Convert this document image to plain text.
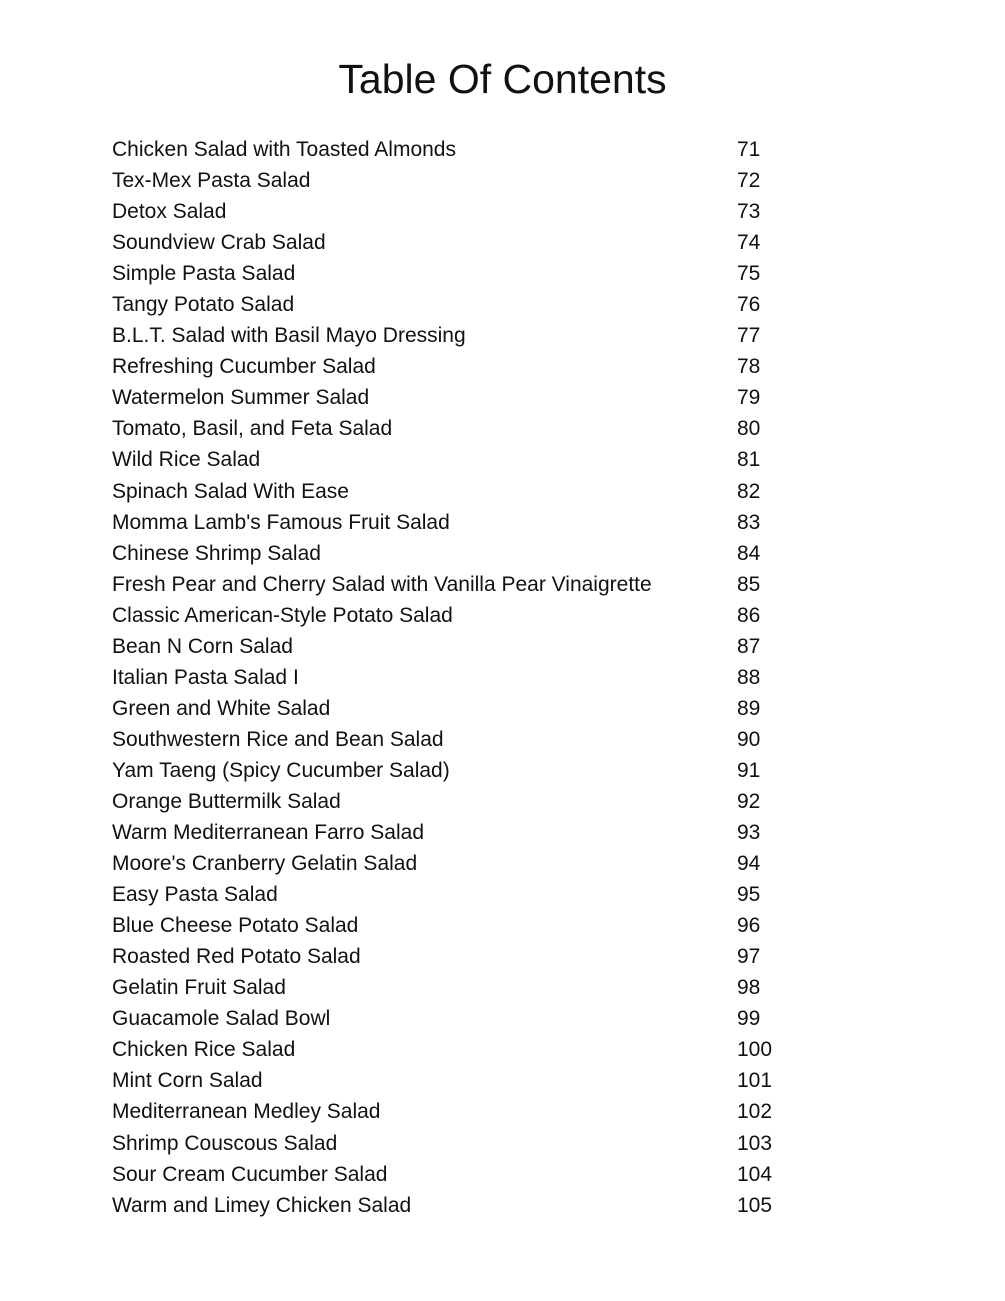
Table Of Contents
Chicken Salad with Toasted Almonds	71
Tex-Mex Pasta Salad	72
Detox Salad	73
Soundview Crab Salad	74
Simple Pasta Salad	75
Tangy Potato Salad	76
B.L.T. Salad with Basil Mayo Dressing	77
Refreshing Cucumber Salad	78
Watermelon Summer Salad	79
Tomato, Basil, and Feta Salad	80
Wild Rice Salad	81
Spinach Salad With Ease	82
Momma Lamb's Famous Fruit Salad	83
Chinese Shrimp Salad	84
Fresh Pear and Cherry Salad with Vanilla Pear Vinaigrette	85
Classic American-Style Potato Salad	86
Bean N Corn Salad	87
Italian Pasta Salad I	88
Green and White Salad	89
Southwestern Rice and Bean Salad	90
Yam Taeng (Spicy Cucumber Salad)	91
Orange Buttermilk Salad	92
Warm Mediterranean Farro Salad	93
Moore's Cranberry Gelatin Salad	94
Easy Pasta Salad	95
Blue Cheese Potato Salad	96
Roasted Red Potato Salad	97
Gelatin Fruit Salad	98
Guacamole Salad Bowl	99
Chicken Rice Salad	100
Mint Corn Salad	101
Mediterranean Medley Salad	102
Shrimp Couscous Salad	103
Sour Cream Cucumber Salad	104
Warm and Limey Chicken Salad	105
